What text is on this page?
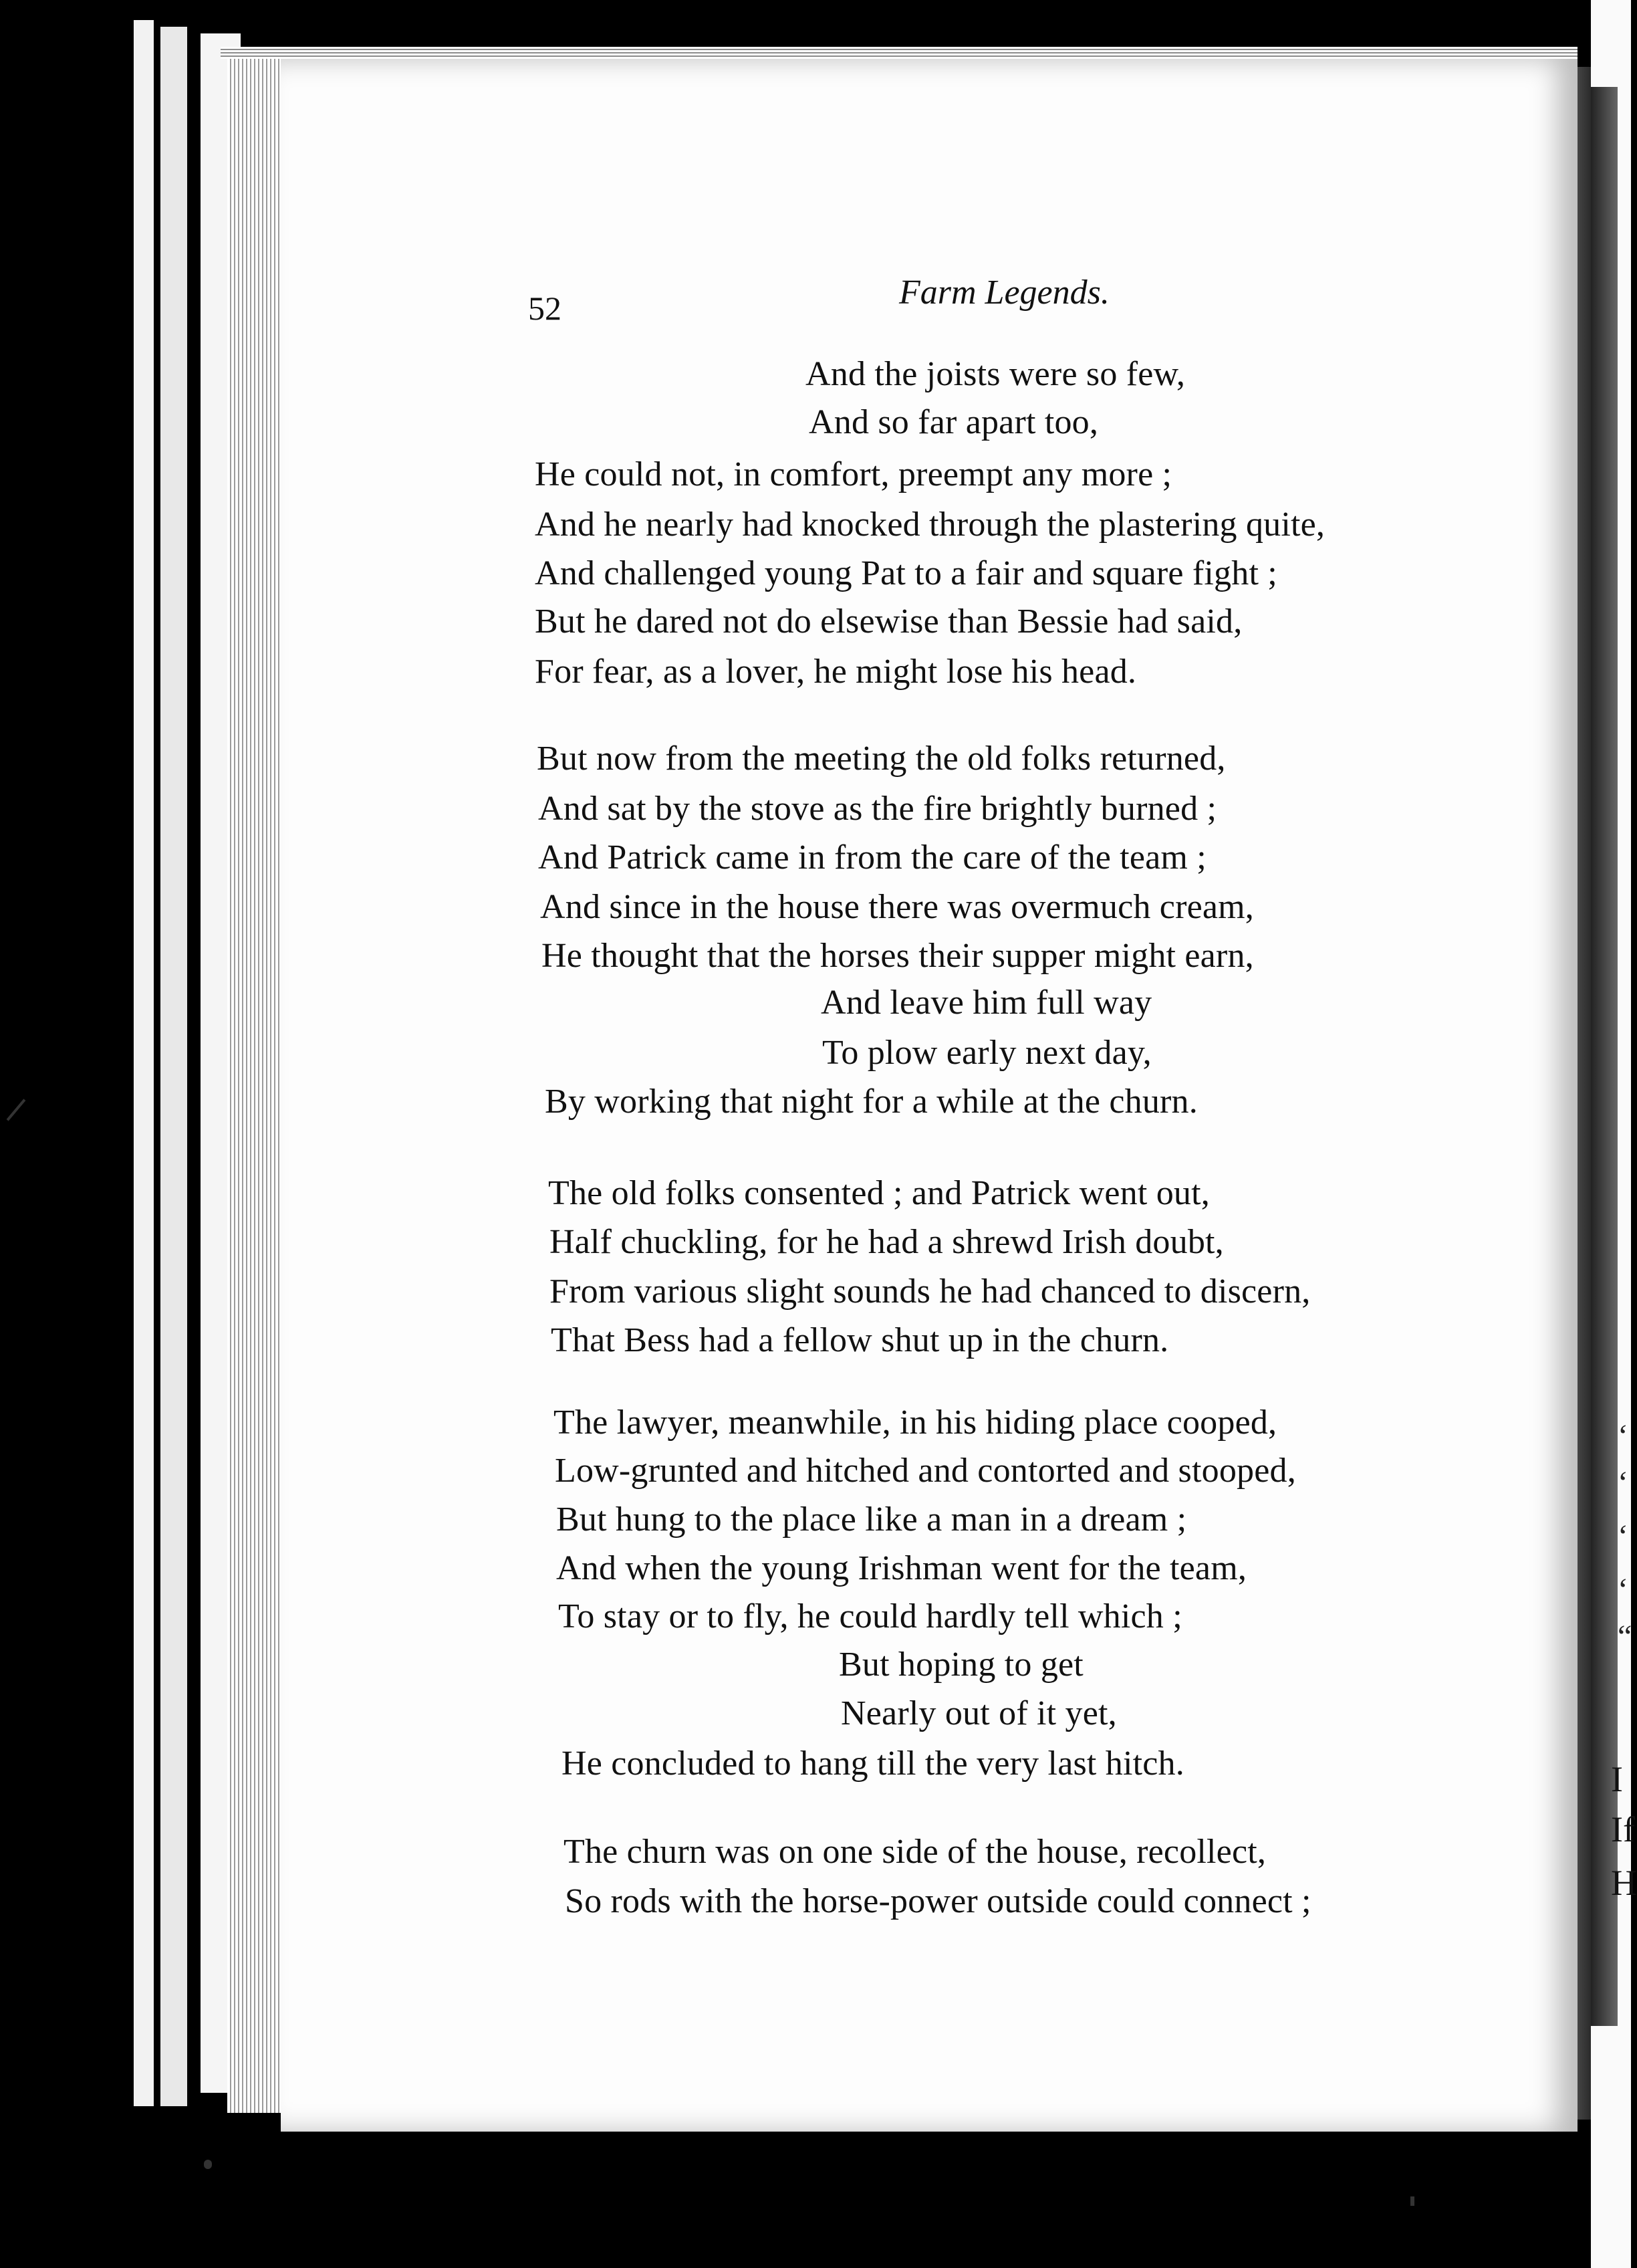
‘
‘
‘
‘
“
I
If
H

52	Farm Legends.

And the joists were so few,

And so far apart too,

He could not, in comfort, preempt any more ;

And he nearly had knocked through the plastering quite,

And challenged young Pat to a fair and square fight ;

But he dared not do elsewise than Bessie had said,

For fear, as a lover, he might lose his head.

But now from the meeting the old folks returned,

And sat by the stove as the fire brightly burned ;

And Patrick came in from the care of the team ;

And since in the house there was overmuch cream,

He thought that the horses their supper might earn,

And leave him full way

To plow early next day,

By working that night for a while at the churn.

The old folks consented ; and Patrick went out,

Half chuckling, for he had a shrewd Irish doubt,

From various slight sounds he had chanced to discern,

That Bess had a fellow shut up in the churn.

The lawyer, meanwhile, in his hiding place cooped,

Low-grunted and hitched and contorted and stooped,

But hung to the place like a man in a dream ;

And when the young Irishman went for the team,

To stay or to fly, he could hardly tell which ;

But hoping to get

Nearly out of it yet,

He concluded to hang till the very last hitch.

The churn was on one side of the house, recollect,

So rods with the horse-power outside could connect ;
